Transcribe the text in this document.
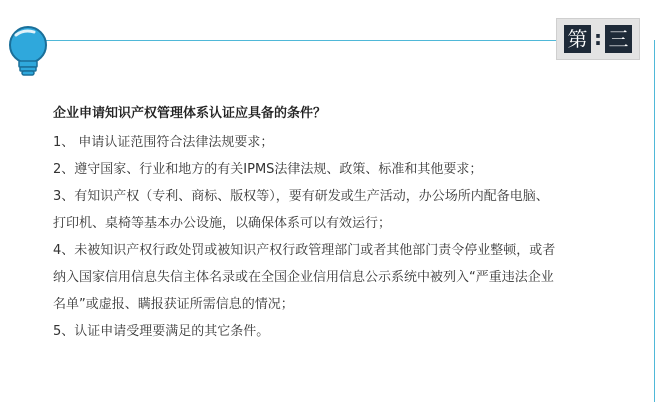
第 : 三
企业申请知识产权管理体系认证应具备的条件？
1、 申请认证范围符合法律法规要求；
2、遵守国家、行业和地方的有关IPMS法律法规、政策、标准和其他要求；
3、有知识产权（专利、商标、版权等），要有研发或生产活动，办公场所内配备电脑、
打印机、桌椅等基本办公设施，以确保体系可以有效运行；
4、未被知识产权行政处罚或被知识产权行政管理部门或者其他部门责令停业整顿，或者
纳入国家信用信息失信主体名录或在全国企业信用信息公示系统中被列入“严重违法企业
名单”或虚报、瞒报获证所需信息的情况；
5、认证申请受理要满足的其它条件。
